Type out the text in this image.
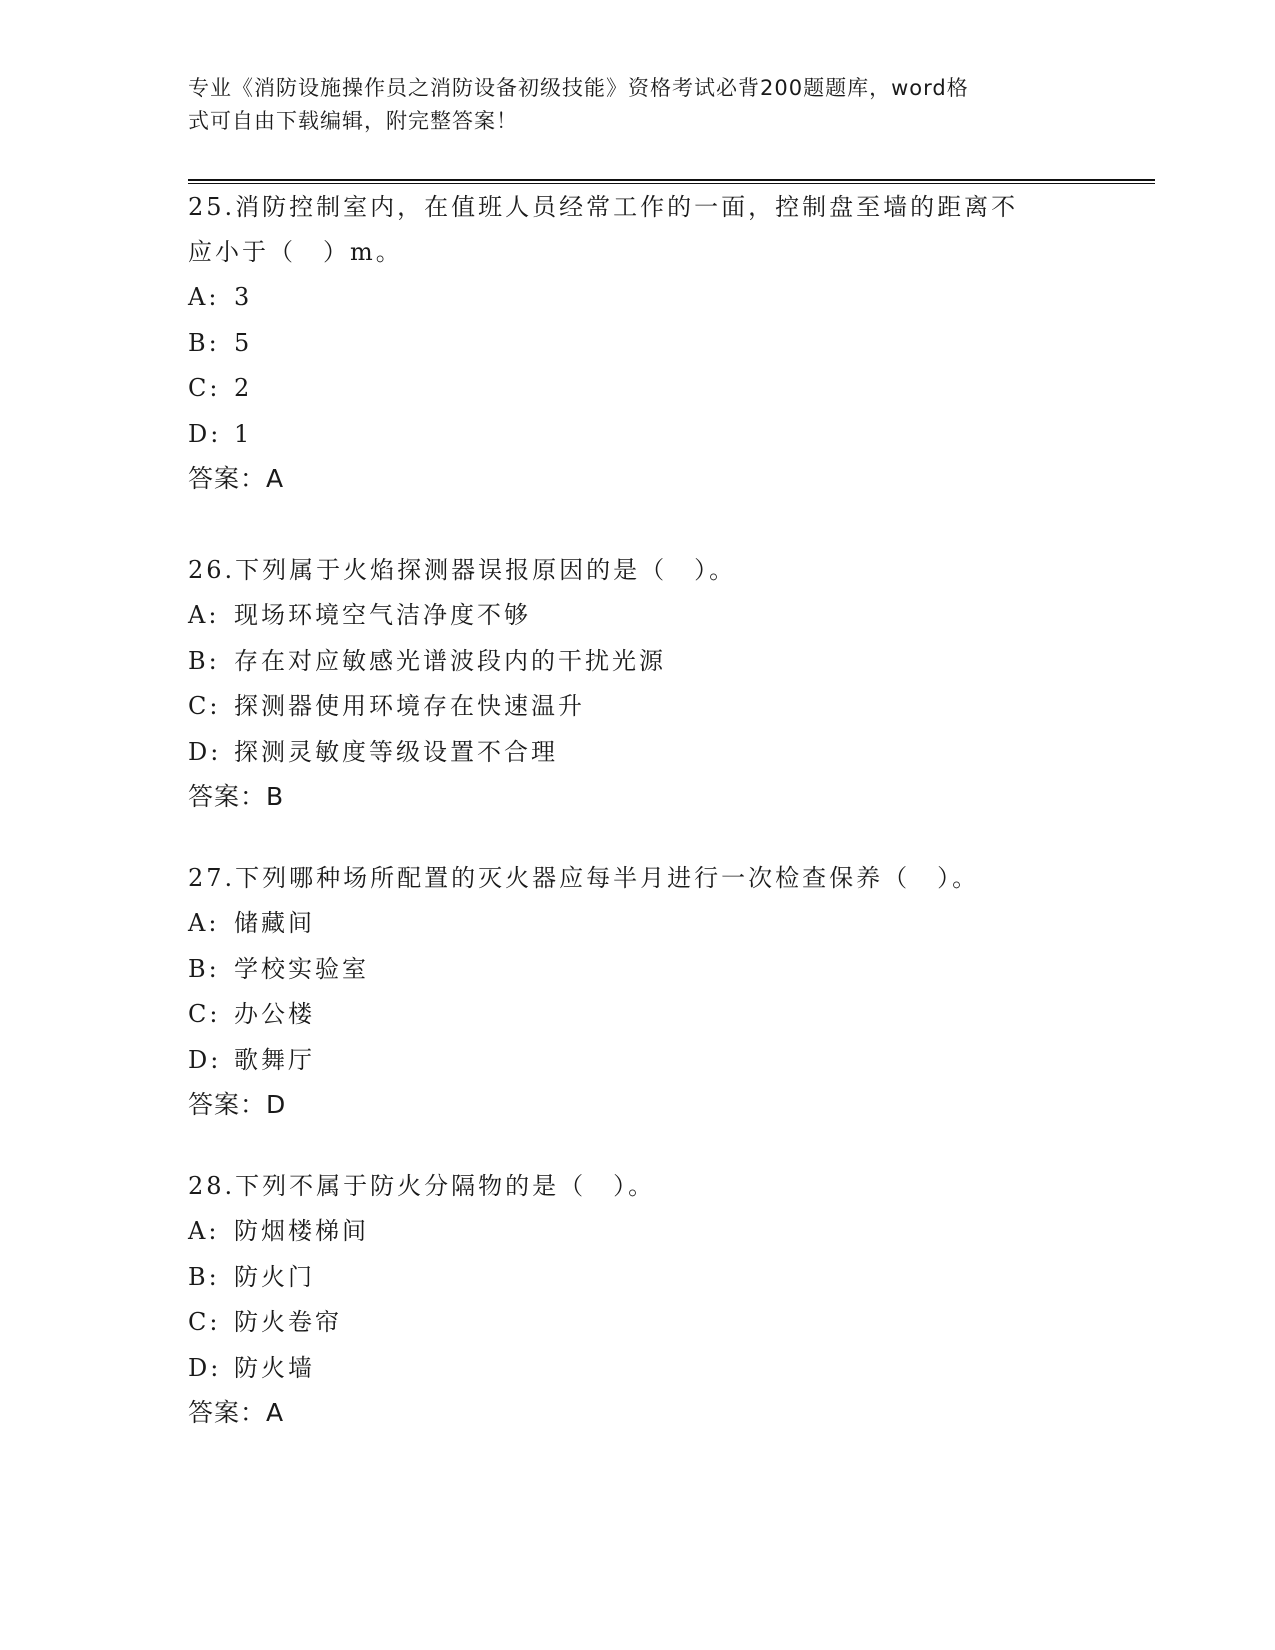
专业《消防设施操作员之消防设备初级技能》资格考试必背200题题库，word格
式可自由下载编辑，附完整答案！

25.消防控制室内，在值班人员经常工作的一面，控制盘至墙的距离不

应小于（　）m。

A: 3

B: 5

C: 2

D: 1

答案：A

26.下列属于火焰探测器误报原因的是（　）。

A: 现场环境空气洁净度不够

B: 存在对应敏感光谱波段内的干扰光源

C: 探测器使用环境存在快速温升

D: 探测灵敏度等级设置不合理

答案：B

27.下列哪种场所配置的灭火器应每半月进行一次检查保养（　）。

A: 储藏间

B: 学校实验室

C: 办公楼

D: 歌舞厅

答案：D

28.下列不属于防火分隔物的是（　）。

A: 防烟楼梯间

B: 防火门

C: 防火卷帘

D: 防火墙

答案：A
